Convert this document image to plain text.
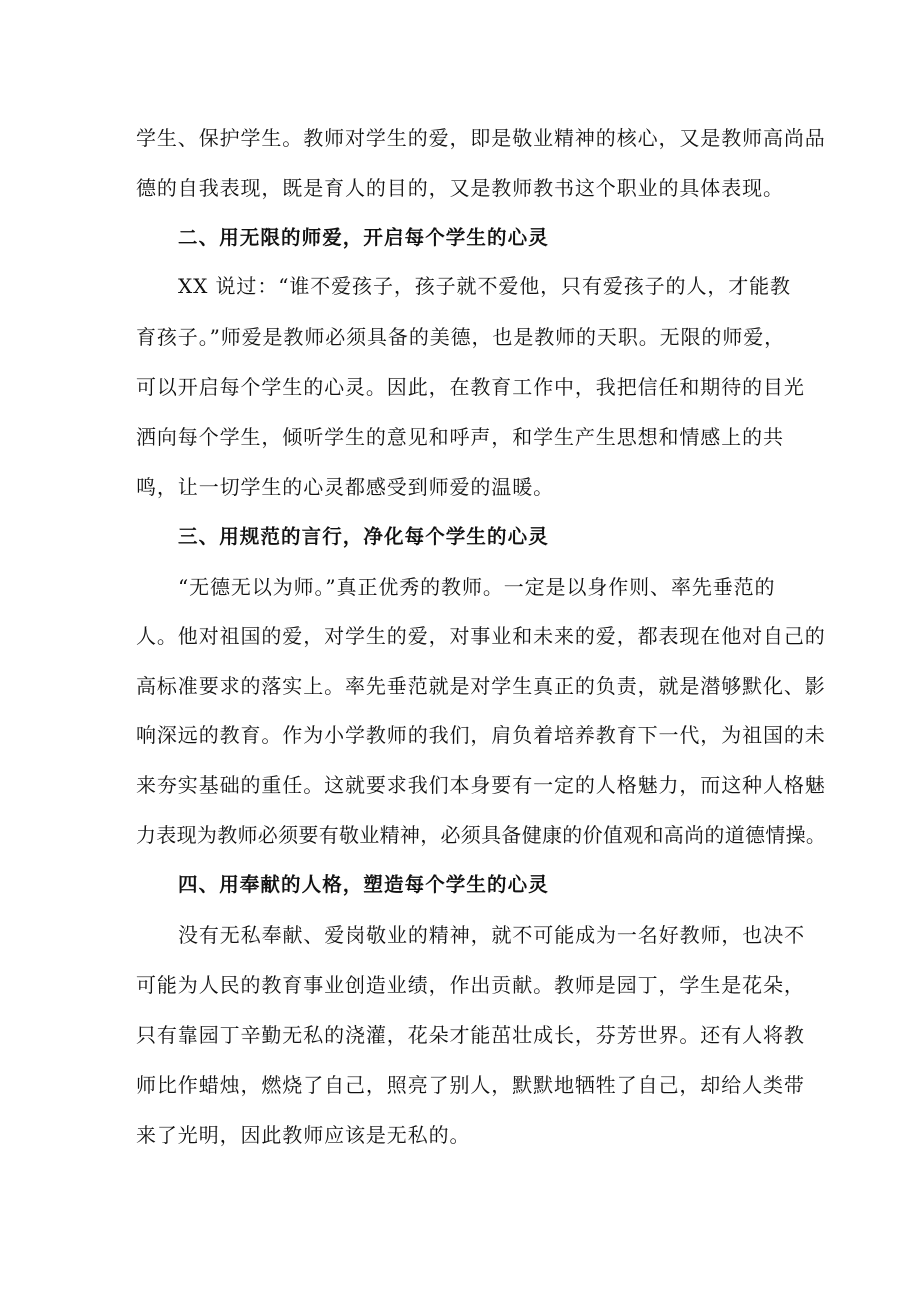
学生、保护学生。教师对学生的爱，即是敬业精神的核心，又是教师高尚品
德的自我表现，既是育人的目的，又是教师教书这个职业的具体表现。
二、用无限的师爱，开启每个学生的心灵
XX 说过：“谁不爱孩子，孩子就不爱他，只有爱孩子的人，才能教
育孩子。”师爱是教师必须具备的美德，也是教师的天职。无限的师爱，
可以开启每个学生的心灵。因此，在教育工作中，我把信任和期待的目光
洒向每个学生，倾听学生的意见和呼声，和学生产生思想和情感上的共
鸣，让一切学生的心灵都感受到师爱的温暖。
三、用规范的言行，净化每个学生的心灵
“无德无以为师。”真正优秀的教师。一定是以身作则、率先垂范的
人。他对祖国的爱，对学生的爱，对事业和未来的爱，都表现在他对自己的
高标准要求的落实上。率先垂范就是对学生真正的负责，就是潜够默化、影
响深远的教育。作为小学教师的我们，肩负着培养教育下一代，为祖国的未
来夯实基础的重任。这就要求我们本身要有一定的人格魅力，而这种人格魅
力表现为教师必须要有敬业精神，必须具备健康的价值观和高尚的道德情操。
四、用奉献的人格，塑造每个学生的心灵
没有无私奉献、爱岗敬业的精神，就不可能成为一名好教师，也决不
可能为人民的教育事业创造业绩，作出贡献。教师是园丁，学生是花朵，
只有靠园丁辛勤无私的浇灌，花朵才能茁壮成长，芬芳世界。还有人将教
师比作蜡烛，燃烧了自己，照亮了别人，默默地牺牲了自己，却给人类带
来了光明，因此教师应该是无私的。
